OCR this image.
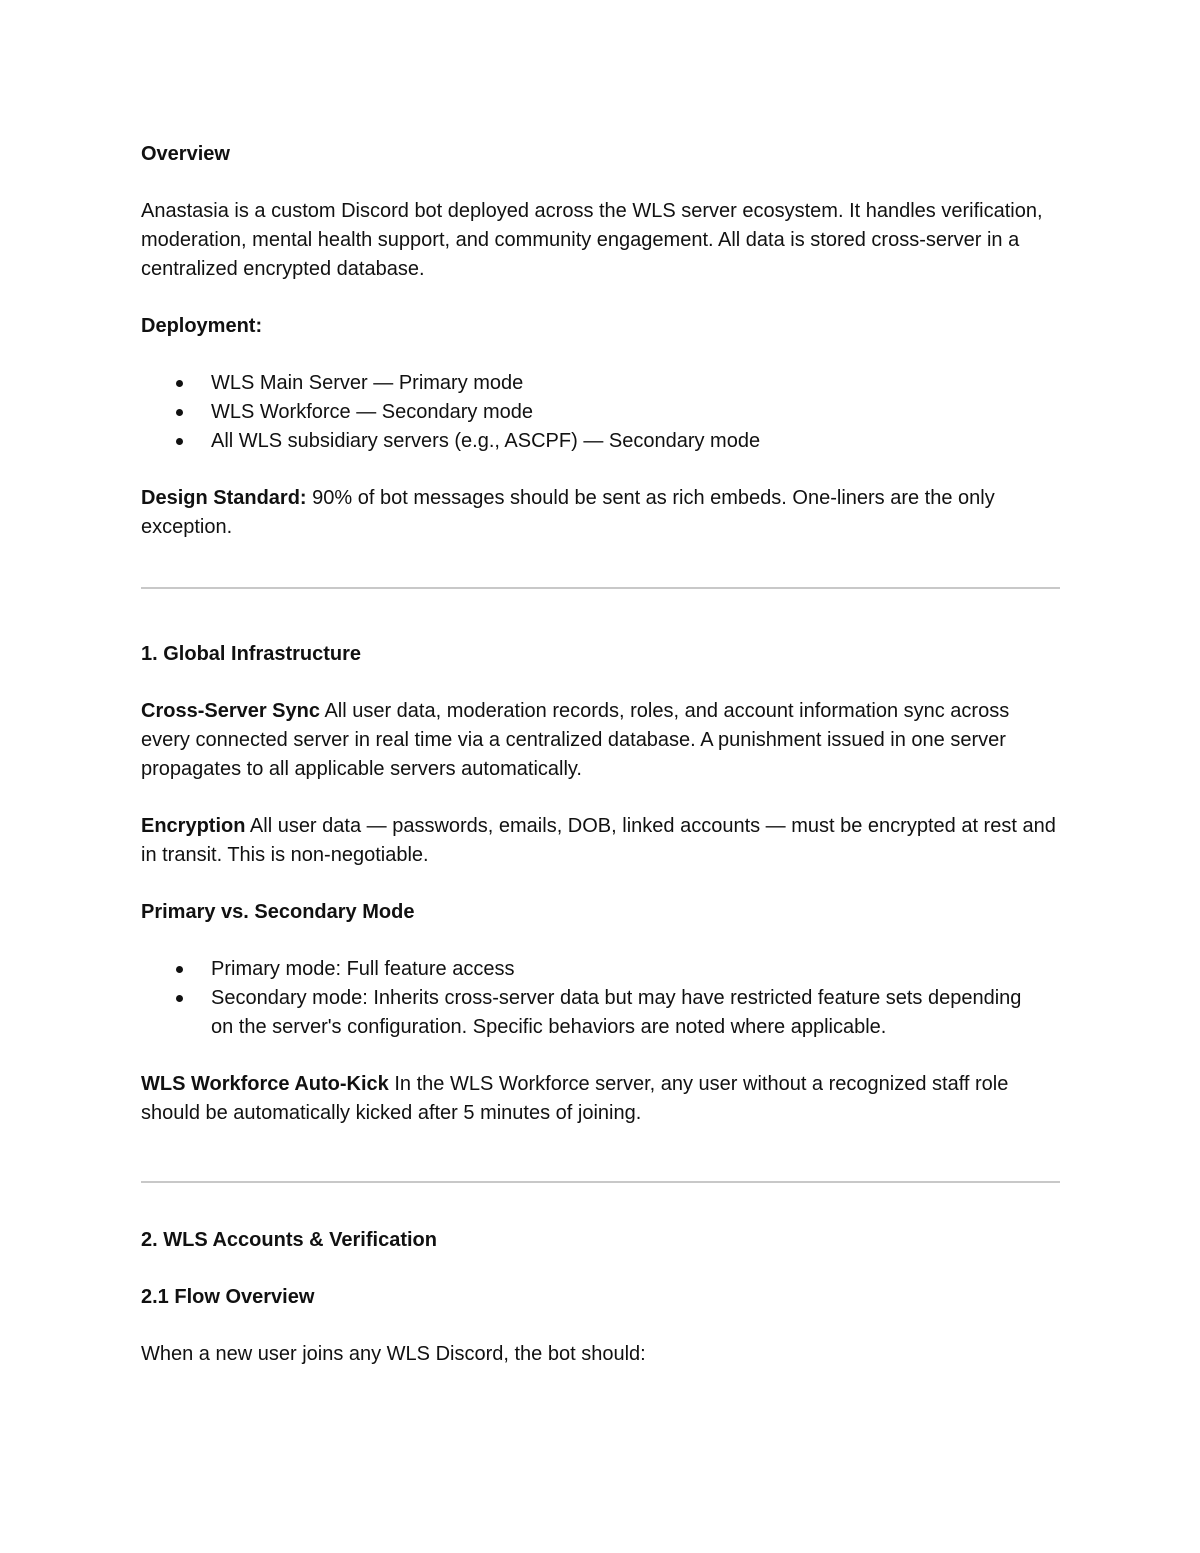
Overview

Anastasia is a custom Discord bot deployed across the WLS server ecosystem. It handles verification, moderation, mental health support, and community engagement. All data is stored cross-server in a centralized encrypted database.

Deployment:

WLS Main Server — Primary mode
WLS Workforce — Secondary mode
All WLS subsidiary servers (e.g., ASCPF) — Secondary mode

Design Standard: 90% of bot messages should be sent as rich embeds. One-liners are the only exception.

1. Global Infrastructure

Cross-Server Sync All user data, moderation records, roles, and account information sync across every connected server in real time via a centralized database. A punishment issued in one server propagates to all applicable servers automatically.

Encryption All user data — passwords, emails, DOB, linked accounts — must be encrypted at rest and in transit. This is non-negotiable.

Primary vs. Secondary Mode

Primary mode: Full feature access
Secondary mode: Inherits cross-server data but may have restricted feature sets depending on the server's configuration. Specific behaviors are noted where applicable.

WLS Workforce Auto-Kick In the WLS Workforce server, any user without a recognized staff role should be automatically kicked after 5 minutes of joining.

2. WLS Accounts & Verification

2.1 Flow Overview

When a new user joins any WLS Discord, the bot should:
